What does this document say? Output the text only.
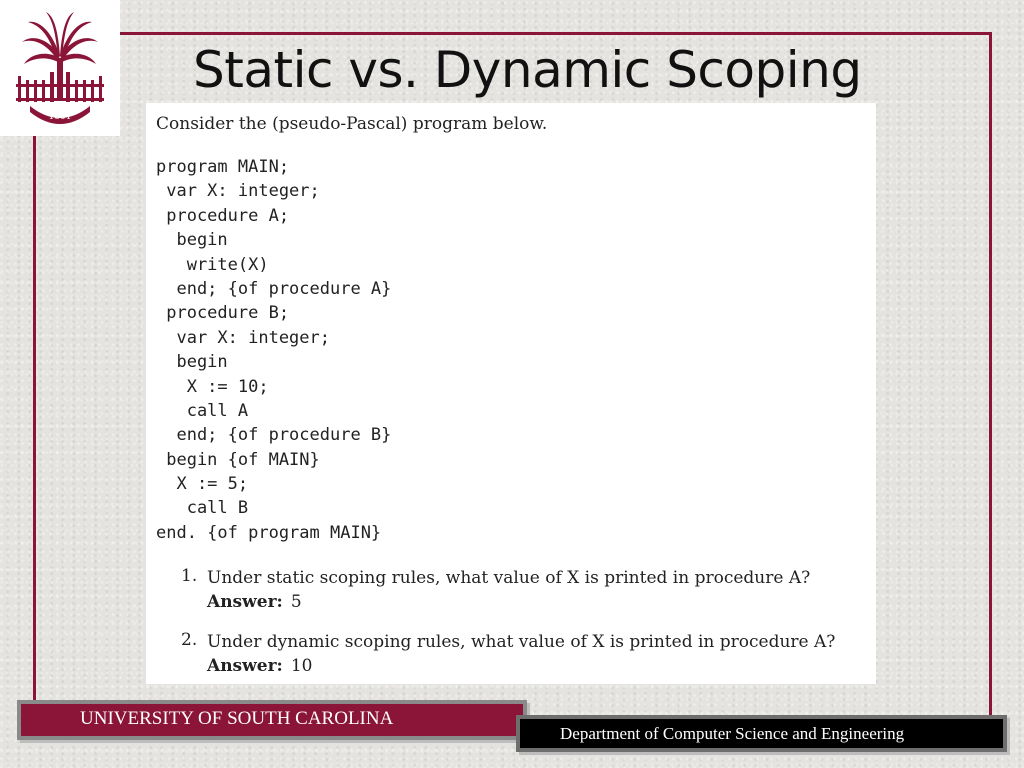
1801
Static vs. Dynamic Scoping
Consider the (pseudo-Pascal) program below.
program MAIN;
var X: integer;
procedure A;
begin
write(X)
end; {of procedure A}
procedure B;
var X: integer;
begin
X := 10;
call A
end; {of procedure B}
begin {of MAIN}
X := 5;
call B
end. {of program MAIN}
1. Under static scoping rules, what value of X is printed in procedure A?
Answer: 5
2. Under dynamic scoping rules, what value of X is printed in procedure A?
Answer: 10
UNIVERSITY OF SOUTH CAROLINA
Department of Computer Science and Engineering
